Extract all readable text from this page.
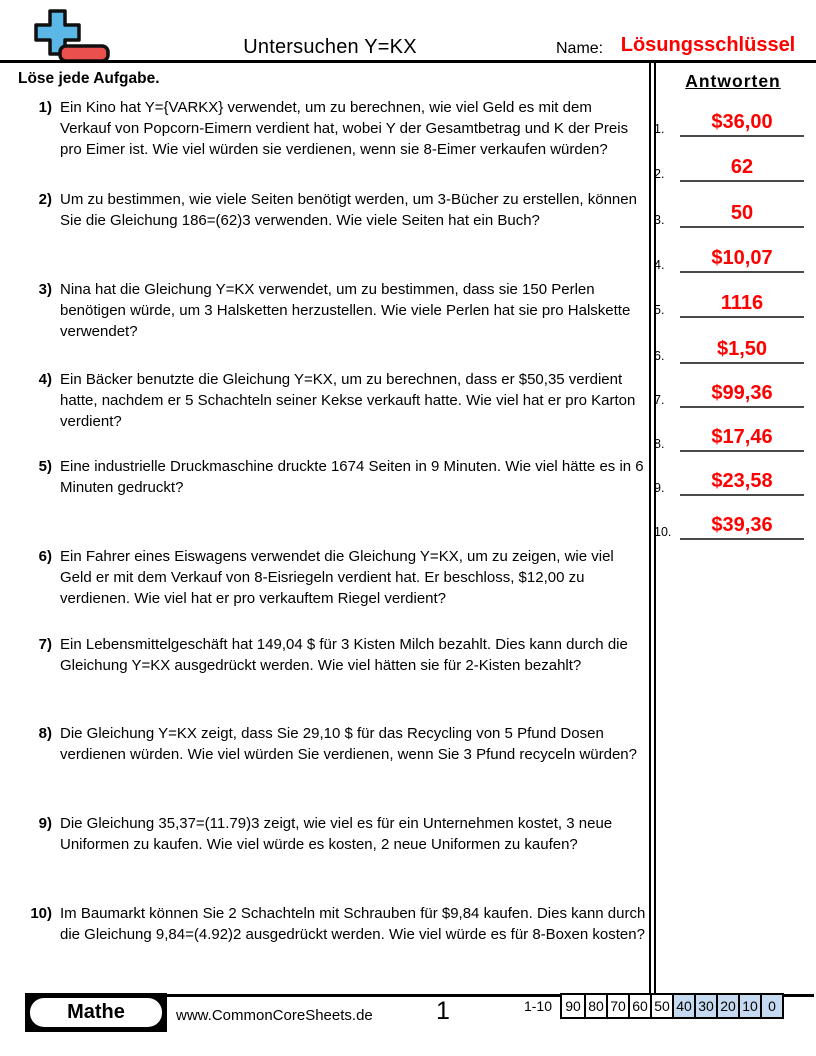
Untersuchen Y=KX	Name: Lösungsschlüssel
Löse jede Aufgabe.
1) Ein Kino hat Y={VARKX} verwendet, um zu berechnen, wie viel Geld es mit dem Verkauf von Popcorn-Eimern verdient hat, wobei Y der Gesamtbetrag und K der Preis pro Eimer ist. Wie viel würden sie verdienen, wenn sie 8-Eimer verkaufen würden?
2) Um zu bestimmen, wie viele Seiten benötigt werden, um 3-Bücher zu erstellen, können Sie die Gleichung 186=(62)3 verwenden. Wie viele Seiten hat ein Buch?
3) Nina hat die Gleichung Y=KX verwendet, um zu bestimmen, dass sie 150 Perlen benötigen würde, um 3 Halsketten herzustellen. Wie viele Perlen hat sie pro Halskette verwendet?
4) Ein Bäcker benutzte die Gleichung Y=KX, um zu berechnen, dass er $50,35 verdient hatte, nachdem er 5 Schachteln seiner Kekse verkauft hatte. Wie viel hat er pro Karton verdient?
5) Eine industrielle Druckmaschine druckte 1674 Seiten in 9 Minuten. Wie viel hätte es in 6 Minuten gedruckt?
6) Ein Fahrer eines Eiswagens verwendet die Gleichung Y=KX, um zu zeigen, wie viel Geld er mit dem Verkauf von 8-Eisriegeln verdient hat. Er beschloss, $12,00 zu verdienen. Wie viel hat er pro verkauftem Riegel verdient?
7) Ein Lebensmittelgeschäft hat 149,04 $ für 3 Kisten Milch bezahlt. Dies kann durch die Gleichung Y=KX ausgedrückt werden. Wie viel hätten sie für 2-Kisten bezahlt?
8) Die Gleichung Y=KX zeigt, dass Sie 29,10 $ für das Recycling von 5 Pfund Dosen verdienen würden. Wie viel würden Sie verdienen, wenn Sie 3 Pfund recyceln würden?
9) Die Gleichung 35,37=(11.79)3 zeigt, wie viel es für ein Unternehmen kostet, 3 neue Uniformen zu kaufen. Wie viel würde es kosten, 2 neue Uniformen zu kaufen?
10) Im Baumarkt können Sie 2 Schachteln mit Schrauben für $9,84 kaufen. Dies kann durch die Gleichung 9,84=(4.92)2 ausgedrückt werden. Wie viel würde es für 8-Boxen kosten?
Antworten
1.	$36,00
2.	62
3.	50
4.	$10,07
5.	1116
6.	$1,50
7.	$99,36
8.	$17,46
9.	$23,58
10.	$39,36
Mathe	www.CommonCoreSheets.de	1	1-10 90 80 70 60 50 40 30 20 10 0
